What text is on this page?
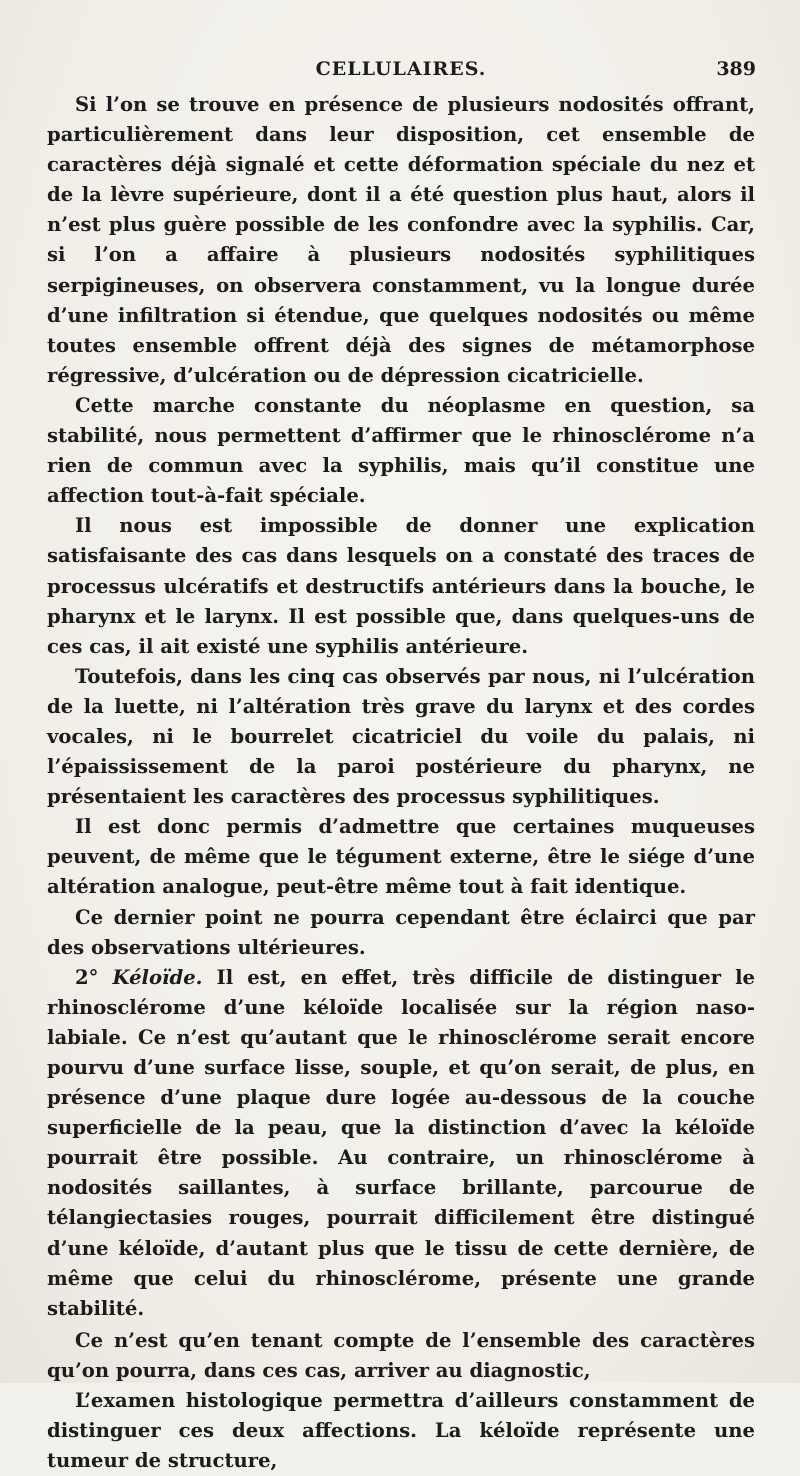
CELLULAIRES.	389

Si l’on se trouve en présence de plusieurs nodosités offrant, particulièrement dans leur disposition, cet ensemble de caractères déjà signalé et cette déformation spéciale du nez et de la lèvre supérieure, dont il a été question plus haut, alors il n’est plus guère possible de les confondre avec la syphilis. Car, si l’on a affaire à plusieurs nodosités syphilitiques serpigineuses, on observera constamment, vu la longue durée d’une infiltration si étendue, que quelques nodosités ou même toutes ensemble offrent déjà des signes de métamorphose régressive, d’ulcération ou de dépression cicatricielle.

Cette marche constante du néoplasme en question, sa stabilité, nous permettent d’affirmer que le rhinosclérome n’a rien de commun avec la syphilis, mais qu’il constitue une affection tout-à-fait spéciale.

Il nous est impossible de donner une explication satisfaisante des cas dans lesquels on a constaté des traces de processus ulcératifs et destructifs antérieurs dans la bouche, le pharynx et le larynx. Il est possible que, dans quelques-uns de ces cas, il ait existé une syphilis antérieure.

Toutefois, dans les cinq cas observés par nous, ni l’ulcération de la luette, ni l’altération très grave du larynx et des cordes vocales, ni le bourrelet cicatriciel du voile du palais, ni l’épaississement de la paroi postérieure du pharynx, ne présentaient les caractères des processus syphilitiques.

Il est donc permis d’admettre que certaines muqueuses peuvent, de même que le tégument externe, être le siége d’une altération analogue, peut-être même tout à fait identique.

Ce dernier point ne pourra cependant être éclairci que par des observations ultérieures.

2° Kéloïde. Il est, en effet, très difficile de distinguer le rhinosclérome d’une kéloïde localisée sur la région naso-labiale. Ce n’est qu’autant que le rhinosclérome serait encore pourvu d’une surface lisse, souple, et qu’on serait, de plus, en présence d’une plaque dure logée au-dessous de la couche superficielle de la peau, que la distinction d’avec la kéloïde pourrait être possible. Au contraire, un rhinosclérome à nodosités saillantes, à surface brillante, parcourue de télangiectasies rouges, pourrait difficilement être distingué d’une kéloïde, d’autant plus que le tissu de cette dernière, de même que celui du rhinosclérome, présente une grande stabilité.

Ce n’est qu’en tenant compte de l’ensemble des caractères qu’on pourra, dans ces cas, arriver au diagnostic,

L’examen histologique permettra d’ailleurs constamment de distinguer ces deux affections. La kéloïde représente une tumeur de structure,
